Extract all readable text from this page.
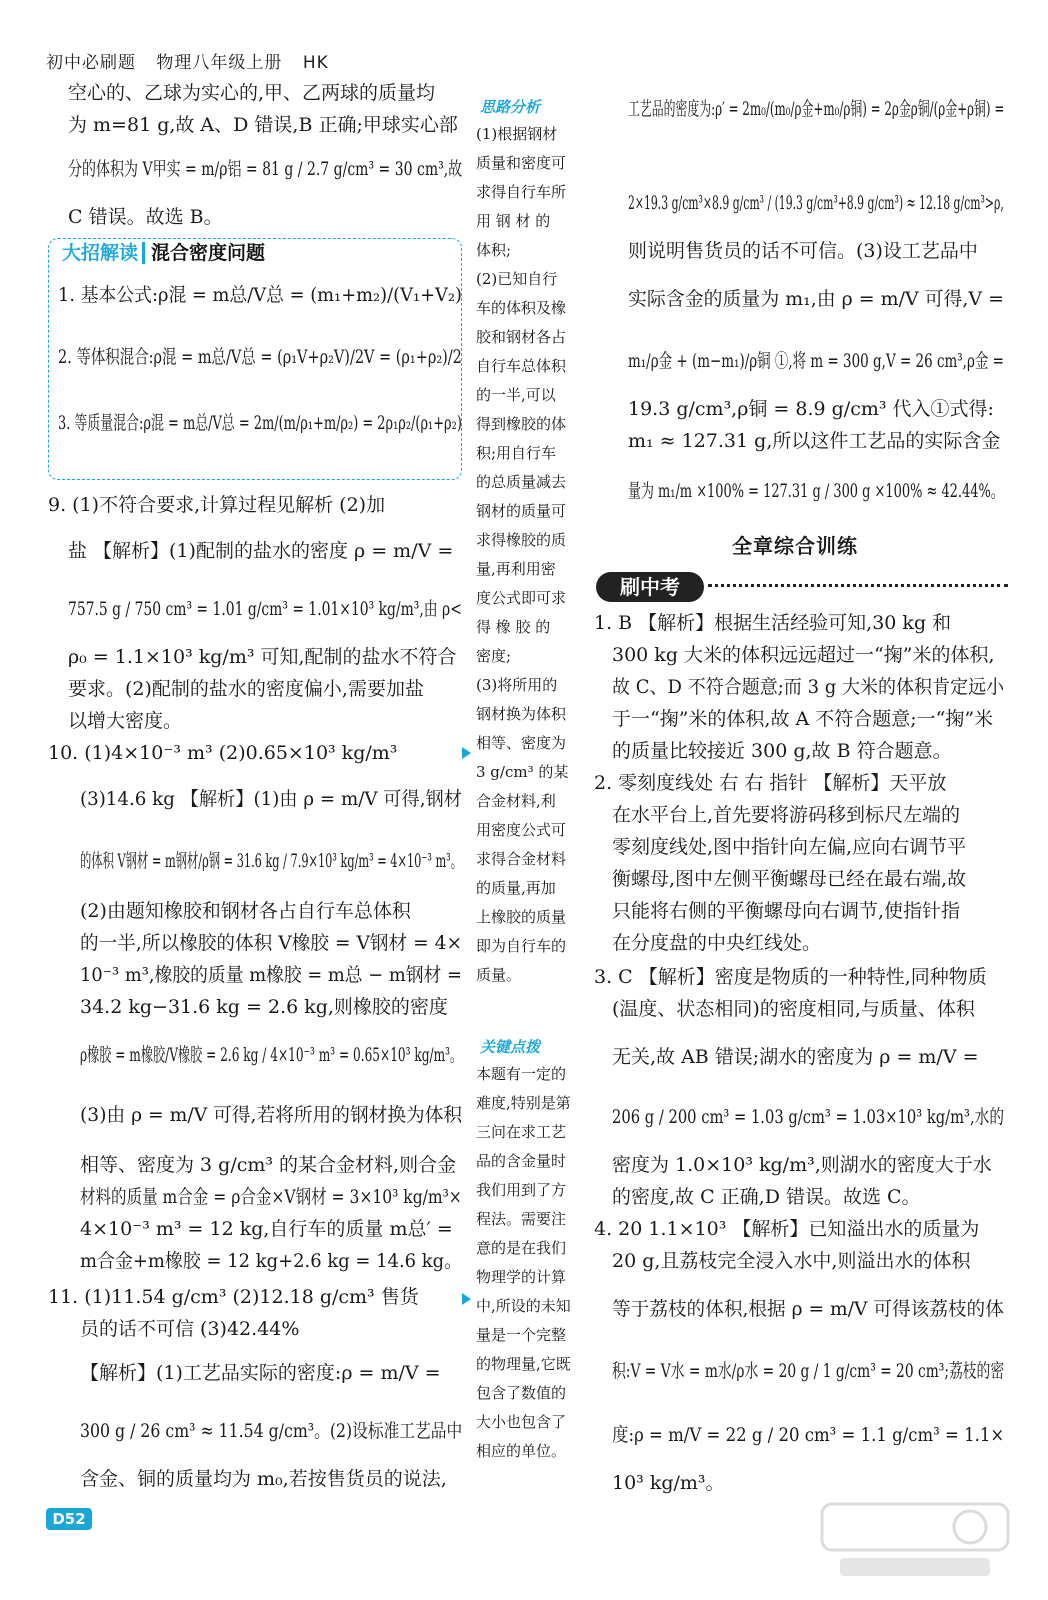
初中必刷题 物理八年级上册 HK
大招解读 混合密度问题
空心的、乙球为实心的,甲、乙两球的质量均
为 m=81 g,故 A、D 错误,B 正确;甲球实心部
分的体积为 V甲实 = m/ρ铝 = 81 g / 2.7 g/cm³ = 30 cm³,故
C 错误。故选 B。
1. 基本公式:ρ混 = m总/V总 = (m₁+m₂)/(V₁+V₂)
2. 等体积混合:ρ混 = m总/V总 = (ρ₁V+ρ₂V)/2V = (ρ₁+ρ₂)/2
3. 等质量混合:ρ混 = m总/V总 = 2m/(m/ρ₁+m/ρ₂) = 2ρ₁ρ₂/(ρ₁+ρ₂)
9. (1)不符合要求,计算过程见解析 (2)加
盐 【解析】(1)配制的盐水的密度 ρ = m/V =
757.5 g / 750 cm³ = 1.01 g/cm³ = 1.01×10³ kg/m³,由 ρ<
ρ₀ = 1.1×10³ kg/m³ 可知,配制的盐水不符合
要求。(2)配制的盐水的密度偏小,需要加盐
以增大密度。
10. (1)4×10⁻³ m³ (2)0.65×10³ kg/m³
(3)14.6 kg 【解析】(1)由 ρ = m/V 可得,钢材
的体积 V钢材 = m钢材/ρ钢 = 31.6 kg / 7.9×10³ kg/m³ = 4×10⁻³ m³。
(2)由题知橡胶和钢材各占自行车总体积
的一半,所以橡胶的体积 V橡胶 = V钢材 = 4×
10⁻³ m³,橡胶的质量 m橡胶 = m总 − m钢材 =
34.2 kg−31.6 kg = 2.6 kg,则橡胶的密度
ρ橡胶 = m橡胶/V橡胶 = 2.6 kg / 4×10⁻³ m³ = 0.65×10³ kg/m³。
(3)由 ρ = m/V 可得,若将所用的钢材换为体积
相等、密度为 3 g/cm³ 的某合金材料,则合金
材料的质量 m合金 = ρ合金×V钢材 = 3×10³ kg/m³×
4×10⁻³ m³ = 12 kg,自行车的质量 m总′ =
m合金+m橡胶 = 12 kg+2.6 kg = 14.6 kg。
11. (1)11.54 g/cm³ (2)12.18 g/cm³ 售货
员的话不可信 (3)42.44%
【解析】(1)工艺品实际的密度:ρ = m/V =
300 g / 26 cm³ ≈ 11.54 g/cm³。(2)设标准工艺品中
含金、铜的质量均为 m₀,若按售货员的说法,
思路分析
(1)根据钢材
质量和密度可
求得自行车所
用 钢 材 的
体积;
(2)已知自行
车的体积及橡
胶和钢材各占
自行车总体积
的一半,可以
得到橡胶的体
积;用自行车
的总质量减去
钢材的质量可
求得橡胶的质
量,再利用密
度公式即可求
得 橡 胶 的
密度;
(3)将所用的
钢材换为体积
相等、密度为
3 g/cm³ 的某
合金材料,利
用密度公式可
求得合金材料
的质量,再加
上橡胶的质量
即为自行车的
质量。
关键点拨
本题有一定的
难度,特别是第
三问在求工艺
品的含金量时
我们用到了方
程法。需要注
意的是在我们
物理学的计算
中,所设的未知
量是一个完整
的物理量,它既
包含了数值的
大小也包含了
相应的单位。
工艺品的密度为:ρ′ = 2m₀/(m₀/ρ金+m₀/ρ铜) = 2ρ金ρ铜/(ρ金+ρ铜) =
2×19.3 g/cm³×8.9 g/cm³ / (19.3 g/cm³+8.9 g/cm³) ≈ 12.18 g/cm³>ρ,
则说明售货员的话不可信。(3)设工艺品中
实际含金的质量为 m₁,由 ρ = m/V 可得,V =
m₁/ρ金 + (m−m₁)/ρ铜 ①,将 m = 300 g,V = 26 cm³,ρ金 =
19.3 g/cm³,ρ铜 = 8.9 g/cm³ 代入①式得:
m₁ ≈ 127.31 g,所以这件工艺品的实际含金
量为 m₁/m ×100% = 127.31 g / 300 g ×100% ≈ 42.44%。
1. B 【解析】根据生活经验可知,30 kg 和
300 kg 大米的体积远远超过一“掬”米的体积,
故 C、D 不符合题意;而 3 g 大米的体积肯定远小
于一“掬”米的体积,故 A 不符合题意;一“掬”米
的质量比较接近 300 g,故 B 符合题意。
2. 零刻度线处 右 右 指针 【解析】天平放
在水平台上,首先要将游码移到标尺左端的
零刻度线处,图中指针向左偏,应向右调节平
衡螺母,图中左侧平衡螺母已经在最右端,故
只能将右侧的平衡螺母向右调节,使指针指
在分度盘的中央红线处。
3. C 【解析】密度是物质的一种特性,同种物质
(温度、状态相同)的密度相同,与质量、体积
无关,故 AB 错误;湖水的密度为 ρ = m/V =
206 g / 200 cm³ = 1.03 g/cm³ = 1.03×10³ kg/m³,水的
密度为 1.0×10³ kg/m³,则湖水的密度大于水
的密度,故 C 正确,D 错误。故选 C。
4. 20 1.1×10³ 【解析】已知溢出水的质量为
20 g,且荔枝完全浸入水中,则溢出水的体积
等于荔枝的体积,根据 ρ = m/V 可得该荔枝的体
积:V = V水 = m水/ρ水 = 20 g / 1 g/cm³ = 20 cm³;荔枝的密
度:ρ = m/V = 22 g / 20 cm³ = 1.1 g/cm³ = 1.1×
10³ kg/m³。
全章综合训练
刷中考
D52
